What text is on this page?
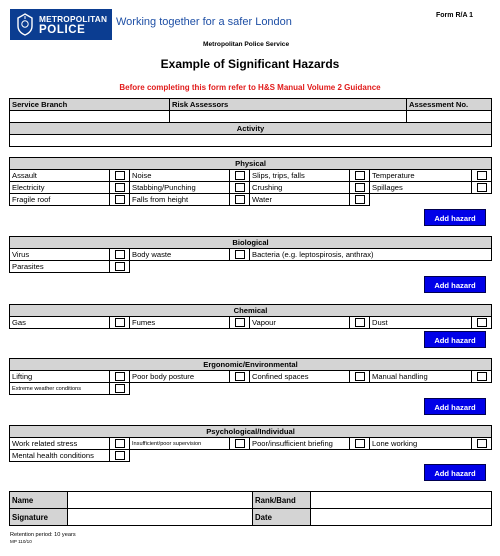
METROPOLITAN
POLICE
Working together for a safer London
Form R/A 1
Metropolitan Police Service
Example of Significant Hazards
Before completing this form refer to H&S Manual Volume 2 Guidance
Service Branch	Risk Assessors	Assessment No.

Activity		

Physical							
Assault		Noise		Slips, trips, falls		Temperature	

Electricity		Stabbing/Punching		Crushing		Spillages	

Fragile roof		Falls from height		Water		

Add hazard
Biological				
Virus		Body waste		Bacteria (e.g. leptospirosis, anthrax)
Parasites			

Add hazard
Chemical
Gas		Fumes		Vapour		Dust	
Add hazard
Ergonomic/Environmental							
Lifting		Poor body posture		Confined spaces		Manual handling	

Extreme weather conditions						

Add hazard
Psychological/Individual							
Work related stress		Insufficient/poor supervision		Poor/insufficient briefing		Lone working	

Mental health conditions						

Add hazard
Name		Rank/Band	
Signature		Date	
Retention period: 10 years
MP 110/10
